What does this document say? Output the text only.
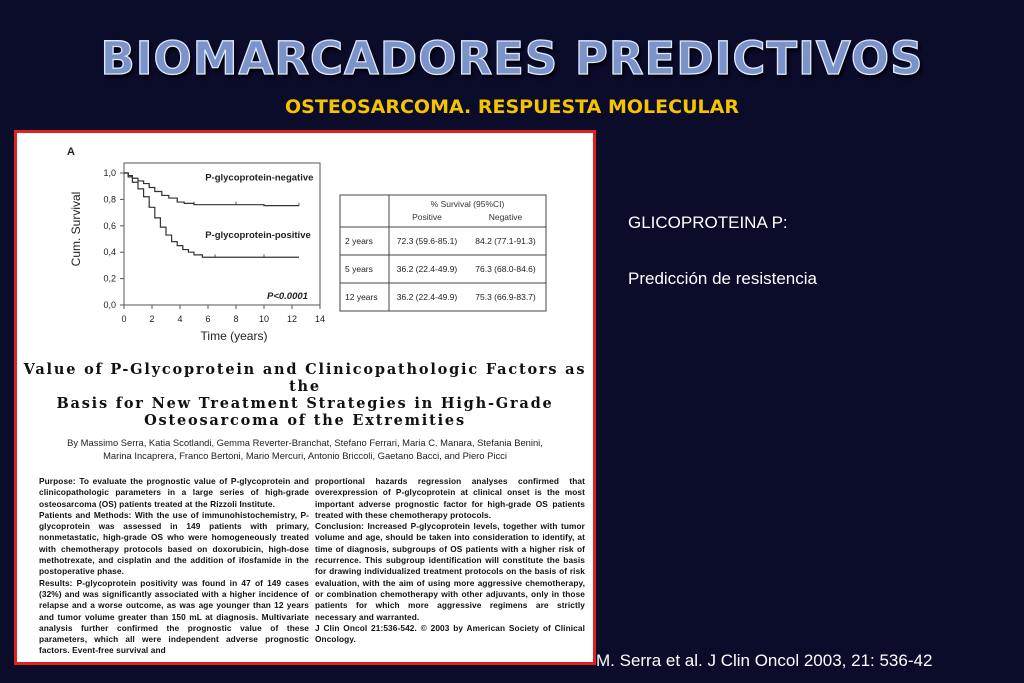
BIOMARCADORES PREDICTIVOS
OSTEOSARCOMA. RESPUESTA MOLECULAR
A
Cum. Survival
Time (years)
P<0.0001
0	2	4	6	8 10 12 14
0,0
0,2
0,4
0,6
0,8
1,0	P-glycoprotein-negative
P-glycoprotein-positive
% Survival (95%CI)
Positive	Negative
2 years	72.3 (59.6-85.1) 84.2 (77.1-91.3)
5 years	36.2 (22.4-49.9) 76.3 (68.0-84.6)
12 years 36.2 (22.4-49.9) 75.3 (66.9-83.7)
Value of P-Glycoprotein and Clinicopathologic Factors as the
Basis for New Treatment Strategies in High-Grade
Osteosarcoma of the Extremities
By Massimo Serra, Katia Scotlandi, Gemma Reverter-Branchat, Stefano Ferrari, Maria C. Manara, Stefania Benini,
Marina Incaprera, Franco Bertoni, Mario Mercuri, Antonio Briccoli, Gaetano Bacci, and Piero Picci
Purpose: To evaluate the prognostic value of P-glycoprotein and clinicopathologic parameters in a large series of high-grade osteosarcoma (OS) patients treated at the Rizzoli Institute.
Patients and Methods: With the use of immunohistochemistry, P-glycoprotein was assessed in 149 patients with primary, nonmetastatic, high-grade OS who were homogeneously treated with chemotherapy protocols based on doxorubicin, high-dose methotrexate, and cisplatin and the addition of ifosfamide in the postoperative phase.
Results: P-glycoprotein positivity was found in 47 of 149 cases (32%) and was significantly associated with a higher incidence of relapse and a worse outcome, as was age younger than 12 years and tumor volume greater than 150 mL at diagnosis. Multivariate analysis further confirmed the prognostic value of these parameters, which all were independent adverse prognostic factors. Event-free survival and
proportional hazards regression analyses confirmed that overexpression of P-glycoprotein at clinical onset is the most important adverse prognostic factor for high-grade OS patients treated with these chemotherapy protocols.
Conclusion: Increased P-glycoprotein levels, together with tumor volume and age, should be taken into consideration to identify, at time of diagnosis, subgroups of OS patients with a higher risk of recurrence. This subgroup identification will constitute the basis for drawing individualized treatment protocols on the basis of risk evaluation, with the aim of using more aggressive chemotherapy, or combination chemotherapy with other adjuvants, only in those patients for which more aggressive regimens are strictly necessary and warranted.
J Clin Oncol 21:536-542. © 2003 by American Society of Clinical Oncology.
GLICOPROTEINA P:
Predicción de resistencia
M. Serra et al. J Clin Oncol 2003, 21: 536-42
